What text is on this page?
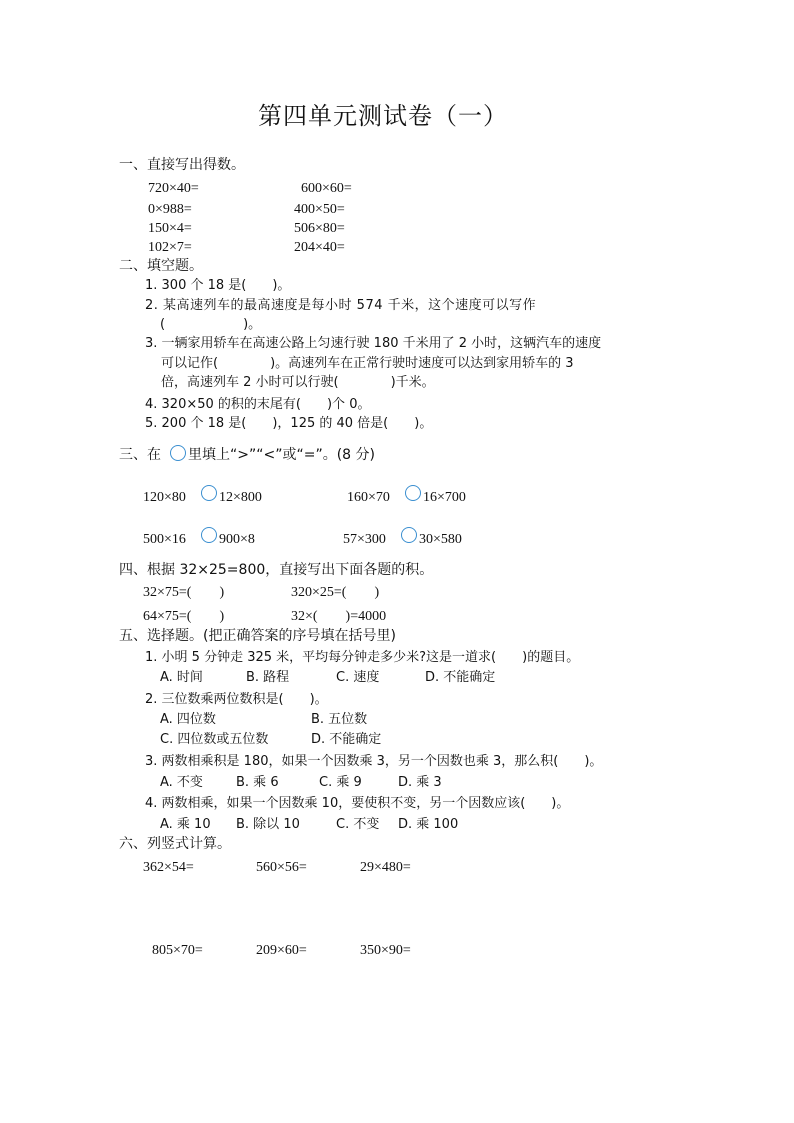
第四单元测试卷（一）
一、直接写出得数。
720×40=	600×60=
0×988=	400×50=
150×4=	506×80=
102×7=	204×40=
二、填空题。
1. 300 个 18 是(　　)。
2. 某高速列车的最高速度是每小时 574 千米，这个速度可以写作
(　　　　　　)。
3. 一辆家用轿车在高速公路上匀速行驶 180 千米用了 2 小时，这辆汽车的速度
可以记作(　　　　)。高速列车在正常行驶时速度可以达到家用轿车的 3
倍，高速列车 2 小时可以行驶(　　　　)千米。
4. 320×50 的积的末尾有(　　)个 0。
5. 200 个 18 是(　　)，125 的 40 倍是(　　)。
三、在 里填上“>”“<”或“=”。(8 分)
120×80 12×800	160×70 16×700
500×16 900×8	57×300 30×580
四、根据 32×25=800，直接写出下面各题的积。
32×75=(　　)	320×25=(　　)
64×75=(　　)	32×(　　)=4000
五、选择题。(把正确答案的序号填在括号里)
1. 小明 5 分钟走 325 米，平均每分钟走多少米?这是一道求(　　)的题目。
A. 时间	B. 路程	C. 速度	D. 不能确定
2. 三位数乘两位数积是(　　)。
A. 四位数	B. 五位数
C. 四位数或五位数	D. 不能确定
3. 两数相乘积是 180，如果一个因数乘 3，另一个因数也乘 3，那么积(　　)。
A. 不变	B. 乘 6	C. 乘 9	D. 乘 3
4. 两数相乘，如果一个因数乘 10，要使积不变，另一个因数应该(　　)。
A. 乘 10 B. 除以 10	C. 不变 D. 乘 100
六、列竖式计算。
362×54=	560×56=	29×480=
805×70=	209×60=	350×90=
